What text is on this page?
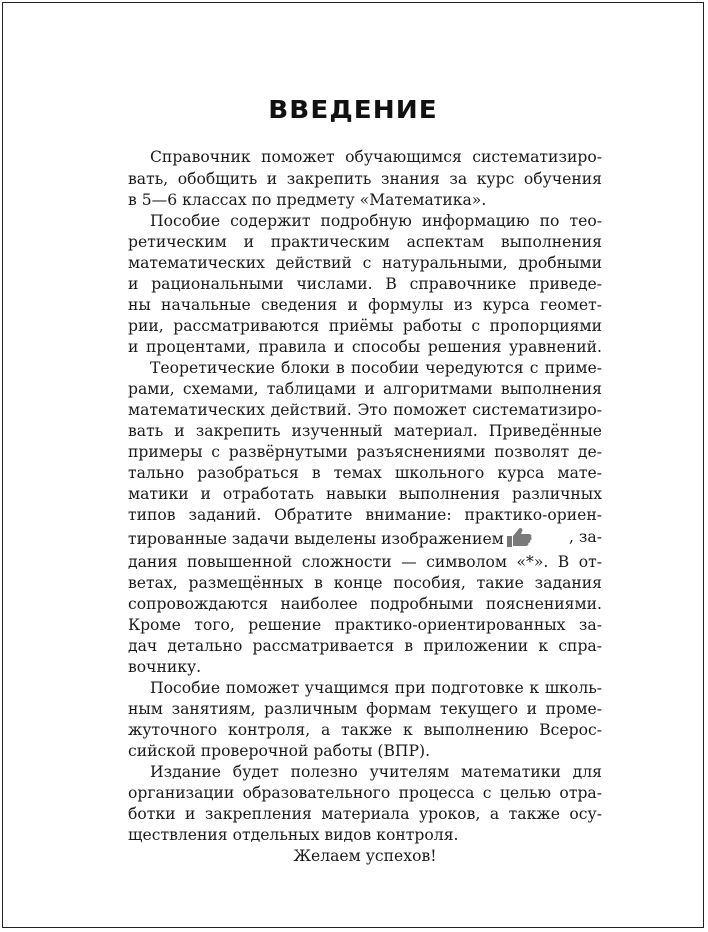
ВВЕДЕНИЕ
Справочник поможет обучающимся систематизиро-
вать, обобщить и закрепить знания за курс обучения
в 5—6 классах по предмету «Математика».
Пособие содержит подробную информацию по тео-
ретическим и практическим аспектам выполнения
математических действий с натуральными, дробными
и рациональными числами. В справочнике приведе-
ны начальные сведения и формулы из курса геомет-
рии, рассматриваются приёмы работы с пропорциями
и процентами, правила и способы решения уравнений.
Теоретические блоки в пособии чередуются с приме-
рами, схемами, таблицами и алгоритмами выполнения
математических действий. Это поможет систематизиро-
вать и закрепить изученный материал. Приведённые
примеры с развёрнутыми разъяснениями позволят де-
тально разобраться в темах школьного курса мате-
матики и отработать навыки выполнения различных
типов заданий. Обратите внимание: практико-ориен-
тированные задачи выделены изображением	, за-
дания повышенной сложности — символом «*». В от-
ветах, размещённых в конце пособия, такие задания
сопровождаются наиболее подробными пояснениями.
Кроме того, решение практико-ориентированных за-
дач детально рассматривается в приложении к спра-
вочнику.
Пособие поможет учащимся при подготовке к школь-
ным занятиям, различным формам текущего и проме-
жуточного контроля, а также к выполнению Всерос-
сийской проверочной работы (ВПР).
Издание будет полезно учителям математики для
организации образовательного процесса с целью отра-
ботки и закрепления материала уроков, а также осу-
ществления отдельных видов контроля.
Желаем успехов!
